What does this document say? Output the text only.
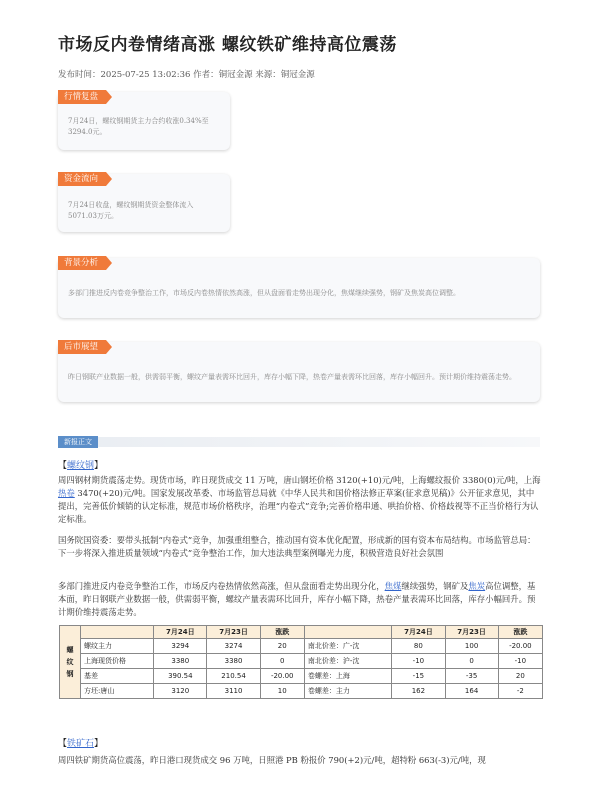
市场反内卷情绪高涨 螺纹铁矿维持高位震荡
发布时间：2025-07-25 13:02:36 作者：铜冠金源 来源：铜冠金源
行情复盘
7月24日，螺纹钢期货主力合约收涨0.34%至3294.0元。
资金流向
7月24日收盘，螺纹钢期货资金整体流入5071.03万元。
背景分析
多部门推进反内卷竞争整治工作，市场反内卷热情依然高涨，但从盘面看走势出现分化，焦煤继续强势，钢矿及焦炭高位调整。
后市展望
昨日钢联产业数据一般，供需弱平衡，螺纹产量表需环比回升，库存小幅下降，热卷产量表需环比回落，库存小幅回升。预计期价维持震荡走势。
新报正文
【螺纹钢】
周四钢材期货震荡走势。现货市场，昨日现货成交 11 万吨，唐山钢坯价格 3120(+10)元/吨，上海螺纹报价 3380(0)元/吨，上海热卷 3470(+20)元/吨。国家发展改革委、市场监管总局就《中华人民共和国价格法修正草案(征求意见稿)》公开征求意见，其中提出，完善低价倾销的认定标准，规范市场价格秩序，治理“内卷式”竞争;完善价格串通、哄抬价格、价格歧视等不正当价格行为认定标准。
国务院国资委：要带头抵制“内卷式”竞争，加强重组整合，推动国有资本优化配置，形成新的国有资本布局结构。市场监管总局：下一步将深入推进质量领域“内卷式”竞争整治工作，加大违法典型案例曝光力度，积极营造良好社会氛围
多部门推进反内卷竞争整治工作，市场反内卷热情依然高涨，但从盘面看走势出现分化，焦煤继续强势，钢矿及焦炭高位调整，基本面，昨日钢联产业数据一般，供需弱平衡，螺纹产量表需环比回升，库存小幅下降，热卷产量表需环比回落，库存小幅回升。预计期价维持震荡走势。
螺
纹
钢		7月24日	7月23日	涨跌		7月24日	7月23日	涨跌
	螺纹主力	3294	3274	20	南北价差：广-沈	80	100	-20.00
	上海现货价格	3380	3380	0	南北价差：沪-沈	-10	0	-10
	基差	390.54	210.54	-20.00	卷螺差：上海	-15	-35	20
	方坯:唐山	3120	3110	10	卷螺差：主力	162	164	-2
【铁矿石】
周四铁矿期货高位震荡，昨日港口现货成交 96 万吨，日照港 PB 粉报价 790(+2)元/吨，超特粉 663(-3)元/吨，现
